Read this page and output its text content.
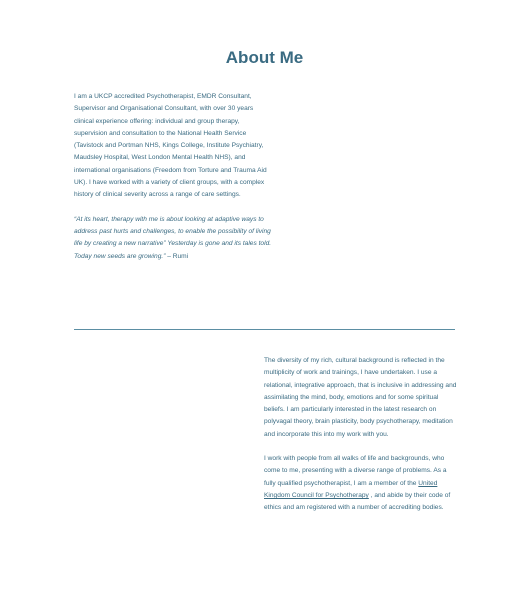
About Me

I am a UKCP accredited Psychotherapist, EMDR Consultant, Supervisor and Organisational Consultant, with over 30 years clinical experience offering: individual and group therapy, supervision and consultation to the National Health Service (Tavistock and Portman NHS, Kings College, Institute Psychiatry, Maudsley Hospital, West London Mental Health NHS), and international organisations (Freedom from Torture and Trauma Aid UK). I have worked with a variety of client groups, with a complex history of clinical severity across a range of care settings.

“At its heart, therapy with me is about looking at adaptive ways to address past hurts and challenges, to enable the possibility of living life by creating a new narrative” Yesterday is gone and its tales told. Today new seeds are growing.” – Rumi

The diversity of my rich, cultural background is reflected in the multiplicity of work and trainings, I have undertaken. I use a relational, integrative approach, that is inclusive in addressing and assimilating the mind, body, emotions and for some spiritual beliefs. I am particularly interested in the latest research on polyvagal theory, brain plasticity, body psychotherapy, meditation and incorporate this into my work with you.

I work with people from all walks of life and backgrounds, who come to me, presenting with a diverse range of problems. As a fully qualified psychotherapist, I am a member of the United Kingdom Council for Psychotherapy , and abide by their code of ethics and am registered with a number of accrediting bodies.
